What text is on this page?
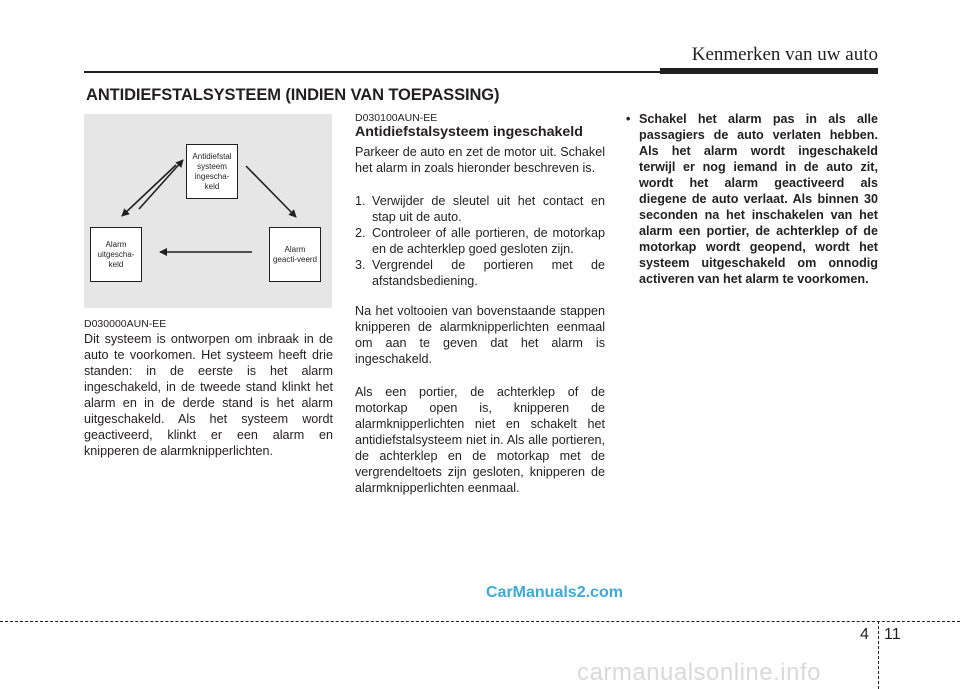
Kenmerken van uw auto
ANTIDIEFSTALSYSTEEM (INDIEN VAN TOEPASSING)
Antidiefstal systeem ingescha-keld
Alarm uitgescha-keld
Alarm geacti-veerd
D030000AUN-EE
Dit systeem is ontworpen om inbraak in de auto te voorkomen. Het systeem heeft drie standen: in de eerste is het alarm ingeschakeld, in de tweede stand klinkt het alarm en in de derde stand is het alarm uitgeschakeld. Als het systeem wordt geactiveerd, klinkt er een alarm en knipperen de alarmknipperlichten.
D030100AUN-EE
Antidiefstalsysteem ingeschakeld
Parkeer de auto en zet de motor uit. Schakel het alarm in zoals hieronder beschreven is.
1. Verwijder de sleutel uit het contact en stap uit de auto.
2. Controleer of alle portieren, de motorkap en de achterklep goed gesloten zijn.
3. Vergrendel de portieren met de afstandsbediening.
Na het voltooien van bovenstaande stappen knipperen de alarmknipperlichten eenmaal om aan te geven dat het alarm is ingeschakeld.
Als een portier, de achterklep of de motorkap open is, knipperen de alarmknipperlichten niet en schakelt het antidiefstalsysteem niet in. Als alle portieren, de achterklep en de motorkap met de vergrendeltoets zijn gesloten, knipperen de alarmknipperlichten eenmaal.
• Schakel het alarm pas in als alle passagiers de auto verlaten hebben. Als het alarm wordt ingeschakeld terwijl er nog iemand in de auto zit, wordt het alarm geactiveerd als diegene de auto verlaat. Als binnen 30 seconden na het inschakelen van het alarm een portier, de achterklep of de motorkap wordt geopend, wordt het systeem uitgeschakeld om onnodig activeren van het alarm te voorkomen.
CarManuals2.com
4 11
carmanualsonline.info
